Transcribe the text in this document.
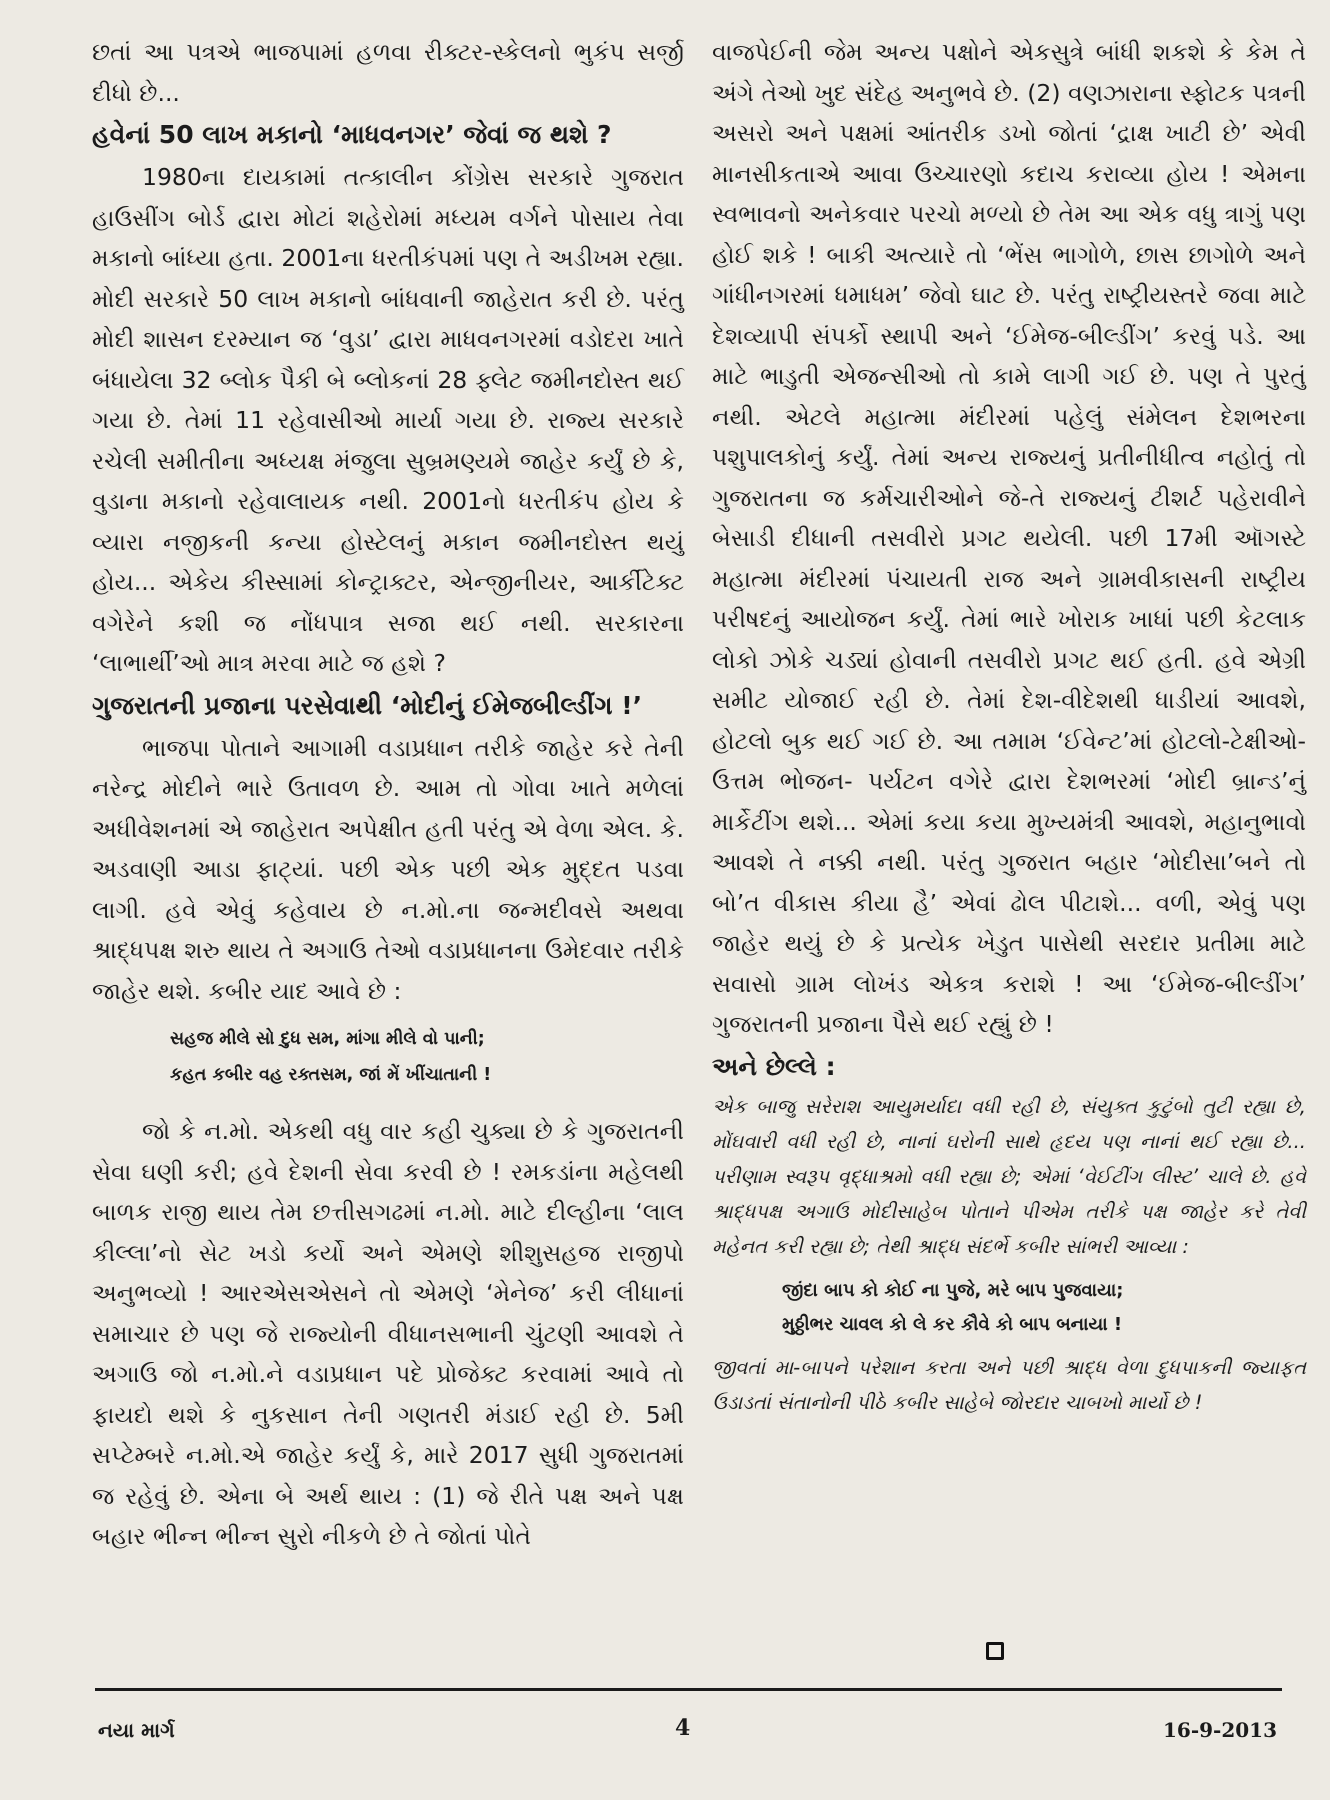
છતાં આ પત્રએ ભાજપામાં હળવા રીક્ટર-સ્કેલનો ભુકંપ સર્જી દીધો છે...

હવેનાં 50 લાખ મકાનો ‘માધવનગર’ જેવાં જ થશે ?

1980ના દાયકામાં તત્કાલીન કોંગ્રેસ સરકારે ગુજરાત હાઉસીંગ બોર્ડ દ્વારા મોટાં શહેરોમાં મધ્યમ વર્ગને પોસાય તેવા મકાનો બાંધ્યા હતા. 2001ના ધરતીકંપમાં પણ તે અડીખમ રહ્યા. મોદી સરકારે 50 લાખ મકાનો બાંધવાની જાહેરાત કરી છે. પરંતુ મોદી શાસન દરમ્યાન જ ‘વુડા’ દ્વારા માધવનગરમાં વડોદરા ખાતે બંધાયેલા 32 બ્લોક પૈકી બે બ્લોકનાં 28 ફ્લેટ જમીનદોસ્ત થઈ ગયા છે. તેમાં 11 રહેવાસીઓ માર્યા ગયા છે. રાજ્ય સરકારે રચેલી સમીતીના અધ્યક્ષ મંજુલા સુબ્રમણ્યમે જાહેર કર્યું છે કે, વુડાના મકાનો રહેવાલાયક નથી. 2001નો ધરતીકંપ હોય કે વ્યારા નજીકની કન્યા હોસ્ટેલનું મકાન જમીનદોસ્ત થયું હોય... એકેય કીસ્સામાં કોન્ટ્રાક્ટર, એન્જીનીયર, આર્કીટેક્ટ વગેરેને કશી જ નોંધપાત્ર સજા થઈ નથી. સરકારના ‘લાભાર્થી’ઓ માત્ર મરવા માટે જ હશે ?

ગુજરાતની પ્રજાના પરસેવાથી ‘મોદીનું ઈમેજબીલ્ડીંગ !’

ભાજપા પોતાને આગામી વડાપ્રધાન તરીકે જાહેર કરે તેની નરેન્દ્ર મોદીને ભારે ઉતાવળ છે. આમ તો ગોવા ખાતે મળેલાં અધીવેશનમાં એ જાહેરાત અપેક્ષીત હતી પરંતુ એ વેળા એલ. કે. અડવાણી આડા ફાટ્યાં. પછી એક પછી એક મુદ્દત પડવા લાગી. હવે એવું કહેવાય છે ન.મો.ના જન્મદીવસે અથવા શ્રાદ્ધપક્ષ શરુ થાય તે અગાઉ તેઓ વડાપ્રધાનના ઉમેદવાર તરીકે જાહેર થશે. કબીર યાદ આવે છે :

સહજ મીલે સો દુધ સમ, માંગા મીલે વો પાની;
કહત કબીર વહ રક્તસમ, જાં મેં ખીંચાતાની !

જો કે ન.મો. એકથી વધુ વાર કહી ચુક્યા છે કે ગુજરાતની સેવા ઘણી કરી; હવે દેશની સેવા કરવી છે ! રમકડાંના મહેલથી બાળક રાજી થાય તેમ છત્તીસગઢમાં ન.મો. માટે દીલ્હીના ‘લાલ કીલ્લા’નો સેટ ખડો કર્યો અને એમણે શીશુસહજ રાજીપો અનુભવ્યો ! આરએસએસને તો એમણે ‘મેનેજ’ કરી લીધાનાં સમાચાર છે પણ જે રાજ્યોની વીધાનસભાની ચુંટણી આવશે તે અગાઉ જો ન.મો.ને વડાપ્રધાન પદે પ્રોજેક્ટ કરવામાં આવે તો ફાયદો થશે કે નુકસાન તેની ગણતરી મંડાઈ રહી છે. 5મી સપ્ટેમ્બરે ન.મો.એ જાહેર કર્યું કે, મારે 2017 સુધી ગુજરાતમાં જ રહેવું છે. એના બે અર્થ થાય : (1) જે રીતે પક્ષ અને પક્ષ બહાર ભીન્ન ભીન્ન સુરો નીકળે છે તે જોતાં પોતે

વાજપેઈની જેમ અન્ય પક્ષોને એકસુત્રે બાંધી શકશે કે કેમ તે અંગે તેઓ ખુદ સંદેહ અનુભવે છે. (2) વણઝારાના સ્ફોટક પત્રની અસરો અને પક્ષમાં આંતરીક ડખો જોતાં ‘દ્રાક્ષ ખાટી છે’ એવી માનસીકતાએ આવા ઉચ્ચારણો કદાચ કરાવ્યા હોય ! એમના સ્વભાવનો અનેકવાર પરચો મળ્યો છે તેમ આ એક વધુ ત્રાગું પણ હોઈ શકે ! બાકી અત્યારે તો ‘ભેંસ ભાગોળે, છાસ છાગોળે અને ગાંધીનગરમાં ધમાધમ’ જેવો ઘાટ છે. પરંતુ રાષ્ટ્રીયસ્તરે જવા માટે દેશવ્યાપી સંપર્કો સ્થાપી અને ‘ઈમેજ-બીલ્ડીંગ’ કરવું પડે. આ માટે ભાડુતી એજન્સીઓ તો કામે લાગી ગઈ છે. પણ તે પુરતું નથી. એટલે મહાત્મા મંદીરમાં પહેલું સંમેલન દેશભરના પશુપાલકોનું કર્યું. તેમાં અન્ય રાજ્યનું પ્રતીનીધીત્વ નહોતું તો ગુજરાતના જ કર્મચારીઓને જે-તે રાજ્યનું ટીશર્ટ પહેરાવીને બેસાડી દીધાની તસવીરો પ્રગટ થયેલી. પછી 17મી ઑગસ્ટે મહાત્મા મંદીરમાં પંચાયતી રાજ અને ગ્રામવીકાસની રાષ્ટ્રીય પરીષદનું આયોજન કર્યું. તેમાં ભારે ખોરાક ખાધાં પછી કેટલાક લોકો ઝોકે ચડ્યાં હોવાની તસવીરો પ્રગટ થઈ હતી. હવે એગ્રી સમીટ યોજાઈ રહી છે. તેમાં દેશ-વીદેશથી ધાડીયાં આવશે, હોટલો બુક થઈ ગઈ છે. આ તમામ ‘ઈવેન્ટ’માં હોટલો-ટેક્ષીઓ-ઉત્તમ ભોજન- પર્યટન વગેરે દ્વારા દેશભરમાં ‘મોદી બ્રાન્ડ’નું માર્કેટીંગ થશે... એમાં કયા કયા મુખ્યમંત્રી આવશે, મહાનુભાવો આવશે તે નક્કી નથી. પરંતુ ગુજરાત બહાર ‘મોદીસા’બને તો બો’ત વીકાસ કીયા હૈ’ એવાં ઢોલ પીટાશે... વળી, એવું પણ જાહેર થયું છે કે પ્રત્યેક ખેડુત પાસેથી સરદાર પ્રતીમા માટે સવાસો ગ્રામ લોખંડ એકત્ર કરાશે ! આ ‘ઈમેજ-બીલ્ડીંગ’ ગુજરાતની પ્રજાના પૈસે થઈ રહ્યું છે !

અને છેલ્લે :

એક બાજુ સરેરાશ આયુમર્યાદા વધી રહી છે, સંયુક્ત કુટુંબો તુટી રહ્યા છે, મોંઘવારી વધી રહી છે, નાનાં ઘરોની સાથે હૃદય પણ નાનાં થઈ રહ્યા છે... પરીણામ સ્વરૂપ વૃદ્ધાશ્રમો વધી રહ્યા છે; એમાં ‘વેઈટીંગ લીસ્ટ’ ચાલે છે. હવે શ્રાદ્ધપક્ષ અગાઉ મોદીસાહેબ પોતાને પીએમ તરીકે પક્ષ જાહેર કરે તેવી મહેનત કરી રહ્યા છે; તેથી શ્રાદ્ધ સંદર્ભે કબીર સાંભરી આવ્યા :

જીંદા બાપ કો કોઈ ના પુજે, મરે બાપ પુજવાયા;
મુઠ્ઠીભર ચાવલ કો લે કર કૌવે કો બાપ બનાયા !

જીવતાં મા-બાપને પરેશાન કરતા અને પછી શ્રાદ્ધ વેળા દુધપાકની જ્યાફત ઉડાડતાં સંતાનોની પીઠે કબીર સાહેબે જોરદાર ચાબખો માર્યો છે !

નયા માર્ગ	4	16-9-2013
